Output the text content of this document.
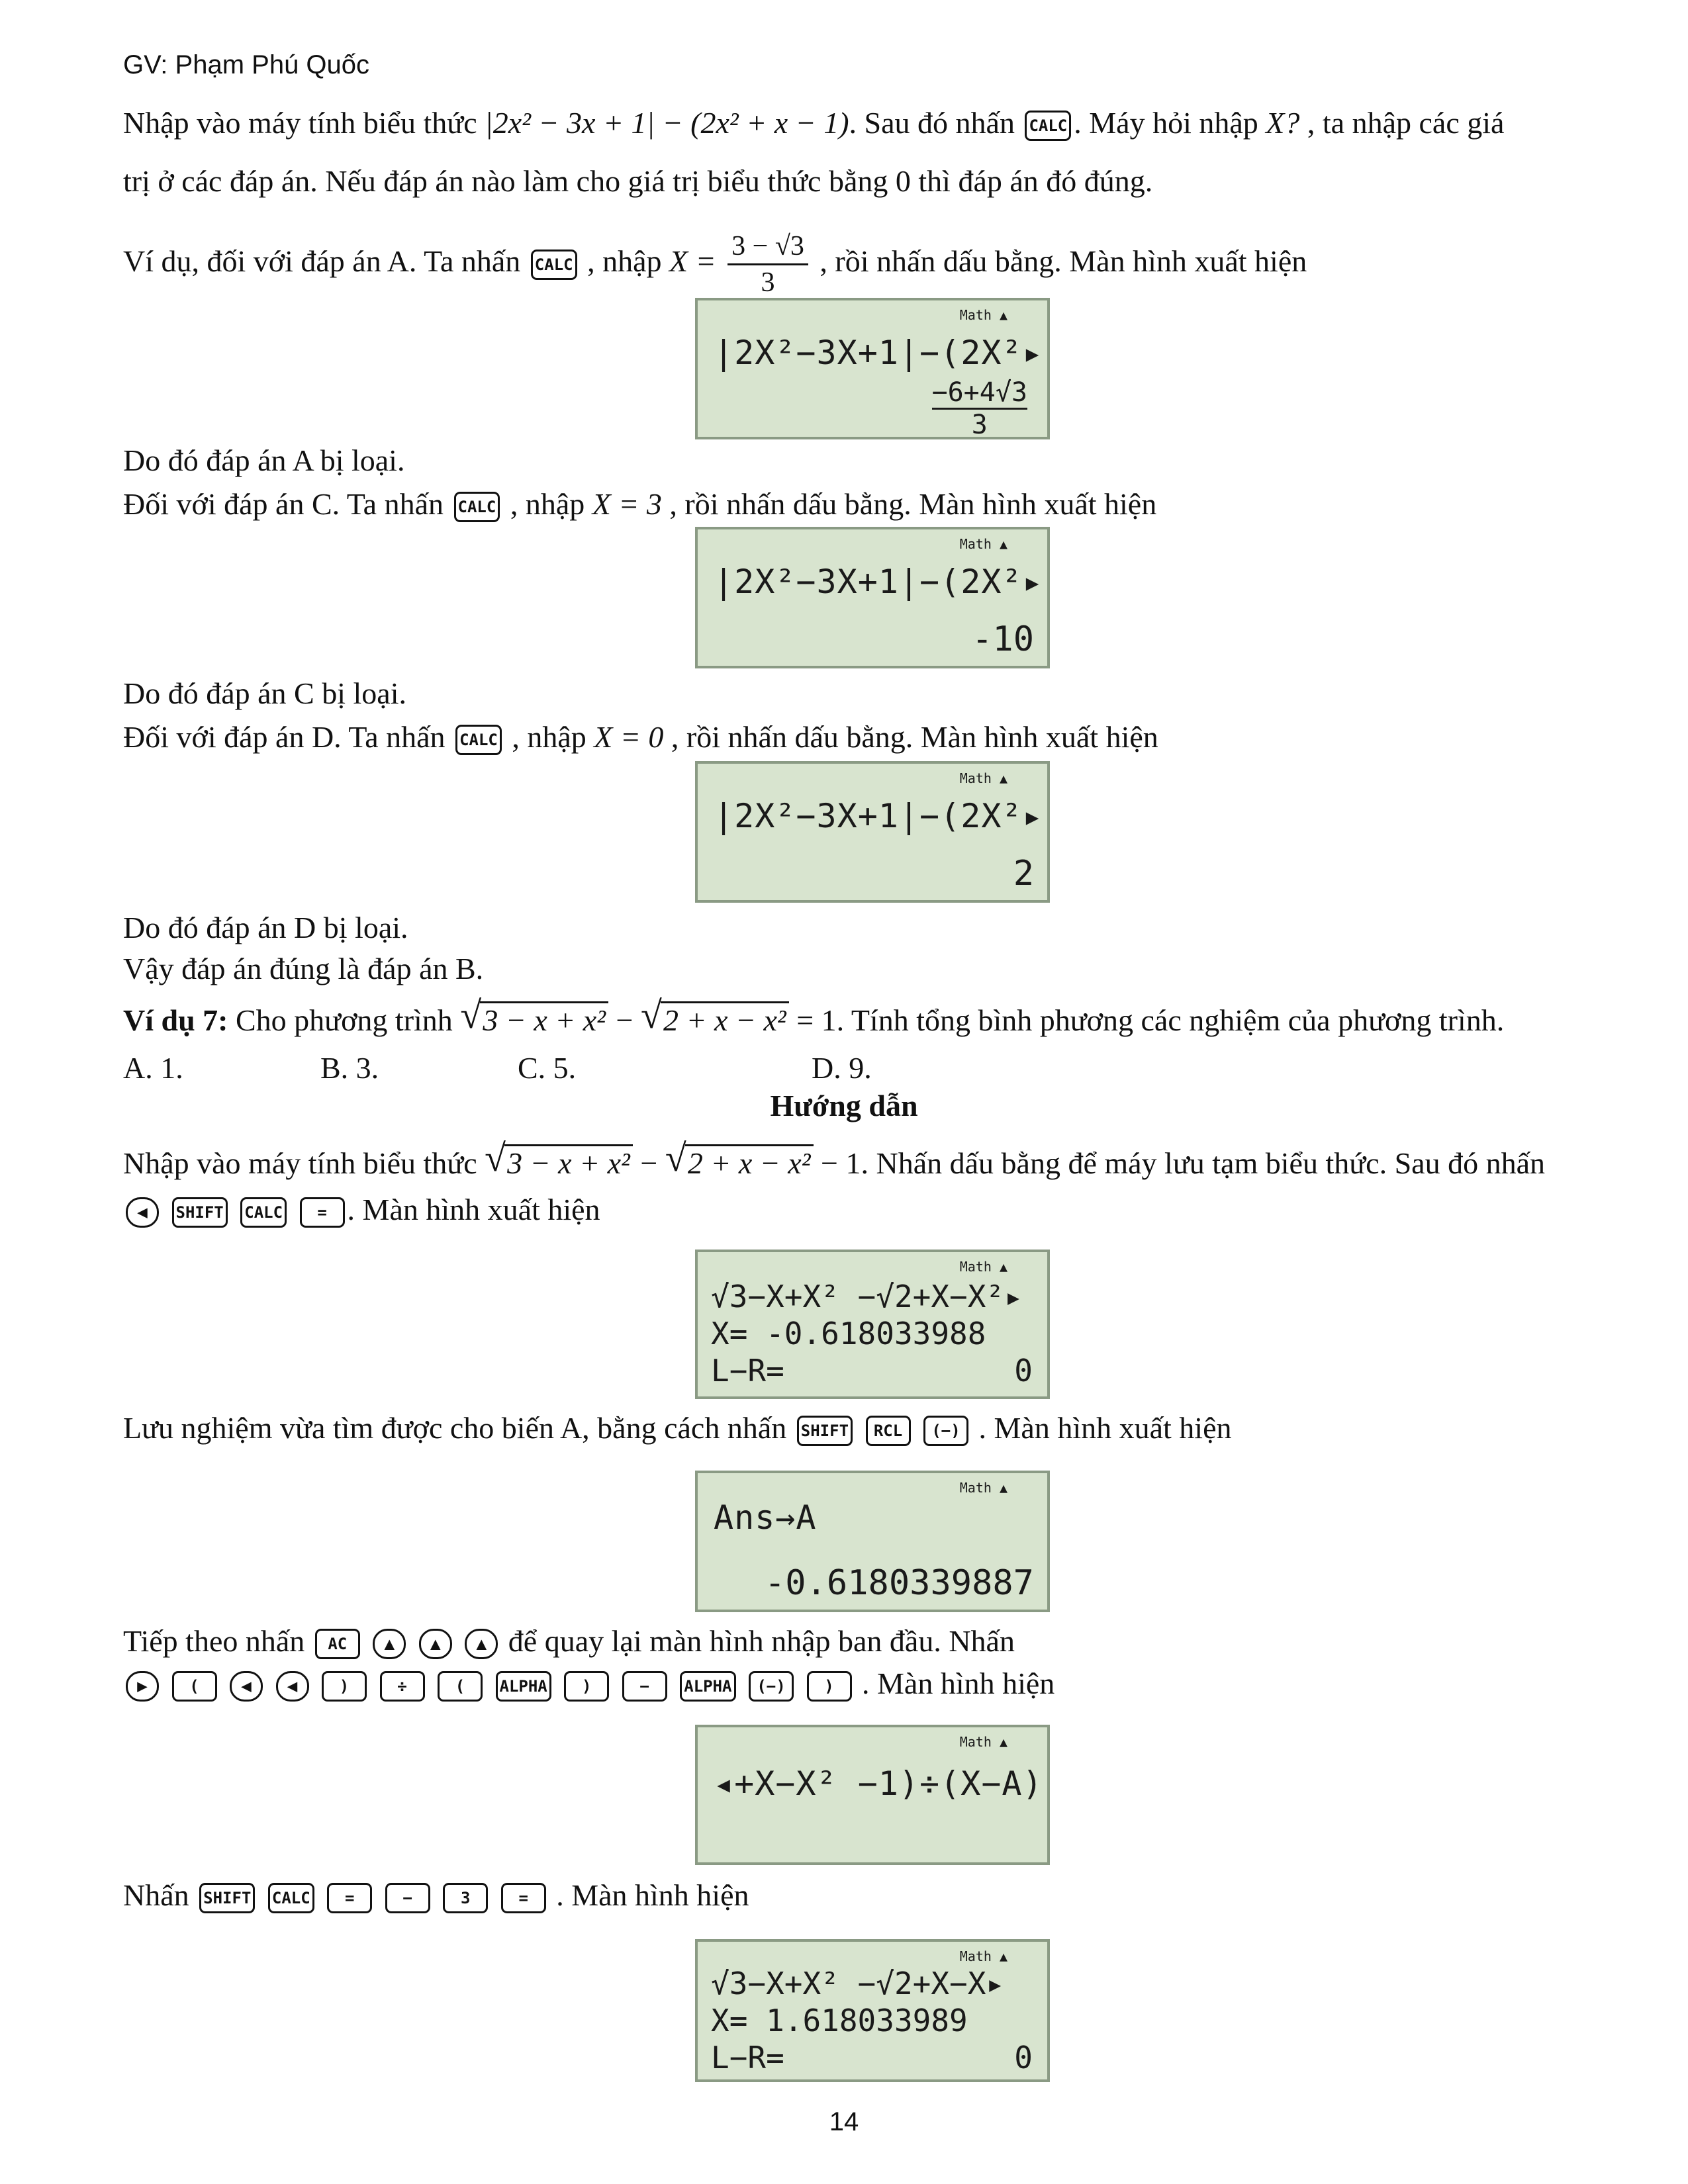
GV: Phạm Phú Quốc
Nhập vào máy tính biểu thức |2x² − 3x + 1| − (2x² + x − 1). Sau đó nhấn CALC . Máy hỏi nhập X? , ta nhập các giá
trị ở các đáp án. Nếu đáp án nào làm cho giá trị biểu thức bằng 0 thì đáp án đó đúng.
Ví dụ, đối với đáp án A. Ta nhấn CALC , nhập $X = \frac{3 - √3}{3}$ , rồi nhấn dấu bằng. Màn hình xuất hiện
Math ▲
|2X²−3X+1|−(2X²▸
$\frac{-6+4√3}{3}$
Do đó đáp án A bị loại.
Đối với đáp án C. Ta nhấn CALC , nhập X = 3 , rồi nhấn dấu bằng. Màn hình xuất hiện
Math ▲
|2X²−3X+1|−(2X²▸
-10
Do đó đáp án C bị loại.
Đối với đáp án D. Ta nhấn CALC , nhập X = 0 , rồi nhấn dấu bằng. Màn hình xuất hiện
Math ▲
|2X²−3X+1|−(2X²▸
2
Do đó đáp án D bị loại.
Vậy đáp án đúng là đáp án B.
Ví dụ 7: Cho phương trình √ 3 − x + x² − √ 2 + x − x² = 1. Tính tổng bình phương các nghiệm của phương trình.
A. 1.	B. 3.	C. 5.	D. 9.
Hướng dẫn
Nhập vào máy tính biểu thức √ 3 − x + x² − √ 2 + x − x² − 1. Nhấn dấu bằng để máy lưu tạm biểu thức. Sau đó nhấn
◀ SHIFT CALC = . Màn hình xuất hiện
Math ▲
√3−X+X² −√2+X−X²▸
X= -0.618033988
L−R=	0
Lưu nghiệm vừa tìm được cho biến A, bằng cách nhấn SHIFT RCL (−) . Màn hình xuất hiện
Math ▲
Ans→A
-0.6180339887
Tiếp theo nhấn AC ▲ ▲ ▲ để quay lại màn hình nhập ban đầu. Nhấn
▶	( ◀ ◀	)	÷	( ALPHA )	− ALPHA (−) ) . Màn hình hiện
Math ▲
◂+X−X² −1)÷(X−A)
Nhấn SHIFT CALC =	−	3	= . Màn hình hiện
Math ▲
√3−X+X² −√2+X−X▸
X= 1.618033989
L−R=	0
14
